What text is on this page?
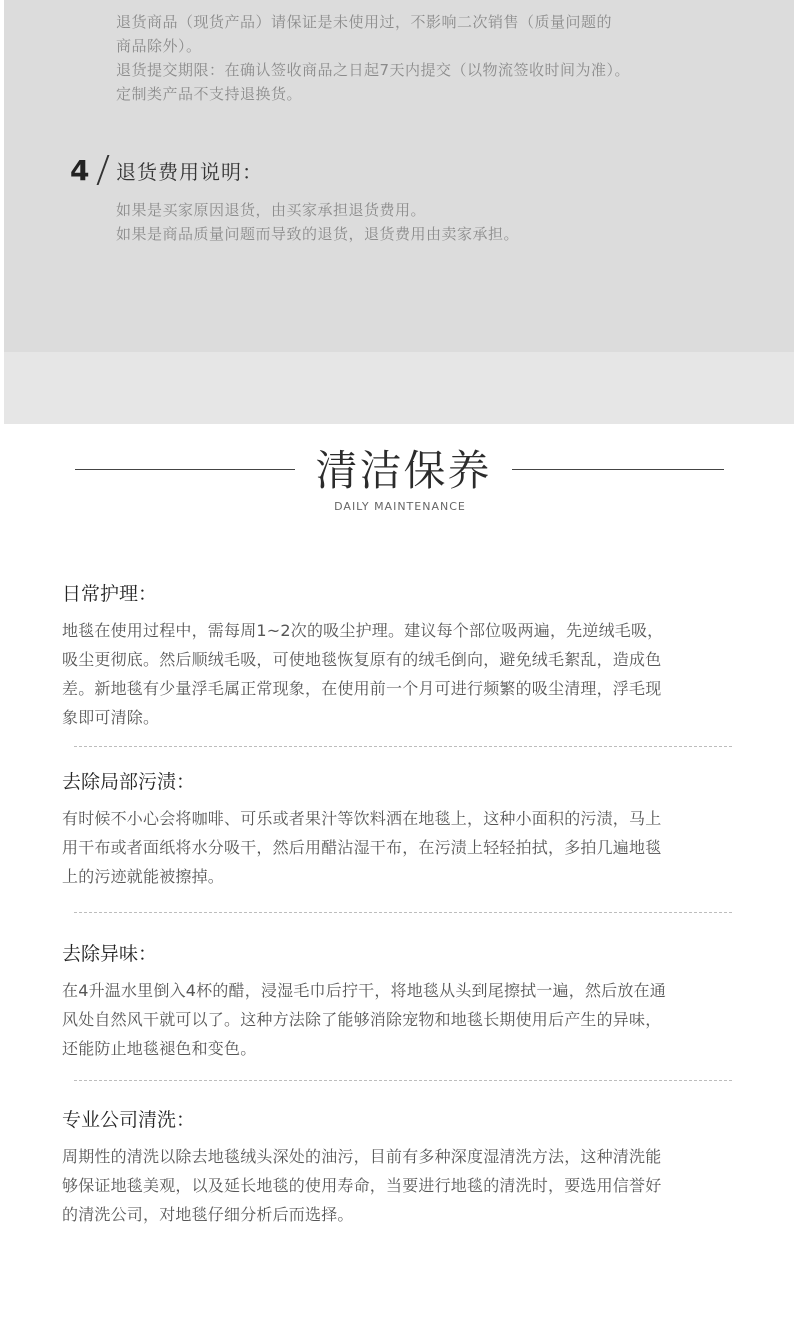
退货商品（现货产品）请保证是未使用过，不影响二次销售（质量问题的

商品除外）。

退货提交期限：在确认签收商品之日起7天内提交（以物流签收时间为准）。

定制类产品不支持退换货。

4 退货费用说明：

如果是买家原因退货，由买家承担退货费用。

如果是商品质量问题而导致的退货，退货费用由卖家承担。

清洁保养
DAILY MAINTENANCE
日常护理：
地毯在使用过程中，需每周1~2次的吸尘护理。建议每个部位吸两遍，先逆绒毛吸，
吸尘更彻底。然后顺绒毛吸，可使地毯恢复原有的绒毛倒向，避免绒毛絮乱，造成色
差。新地毯有少量浮毛属正常现象，在使用前一个月可进行频繁的吸尘清理，浮毛现
象即可清除。
去除局部污渍：
有时候不小心会将咖啡、可乐或者果汁等饮料洒在地毯上，这种小面积的污渍，马上
用干布或者面纸将水分吸干，然后用醋沾湿干布，在污渍上轻轻拍拭，多拍几遍地毯
上的污迹就能被擦掉。
去除异味：
在4升温水里倒入4杯的醋，浸湿毛巾后拧干，将地毯从头到尾擦拭一遍，然后放在通
风处自然风干就可以了。这种方法除了能够消除宠物和地毯长期使用后产生的异味，
还能防止地毯褪色和变色。
专业公司清洗：
周期性的清洗以除去地毯绒头深处的油污，目前有多种深度湿清洗方法，这种清洗能
够保证地毯美观，以及延长地毯的使用寿命，当要进行地毯的清洗时，要选用信誉好
的清洗公司，对地毯仔细分析后而选择。
